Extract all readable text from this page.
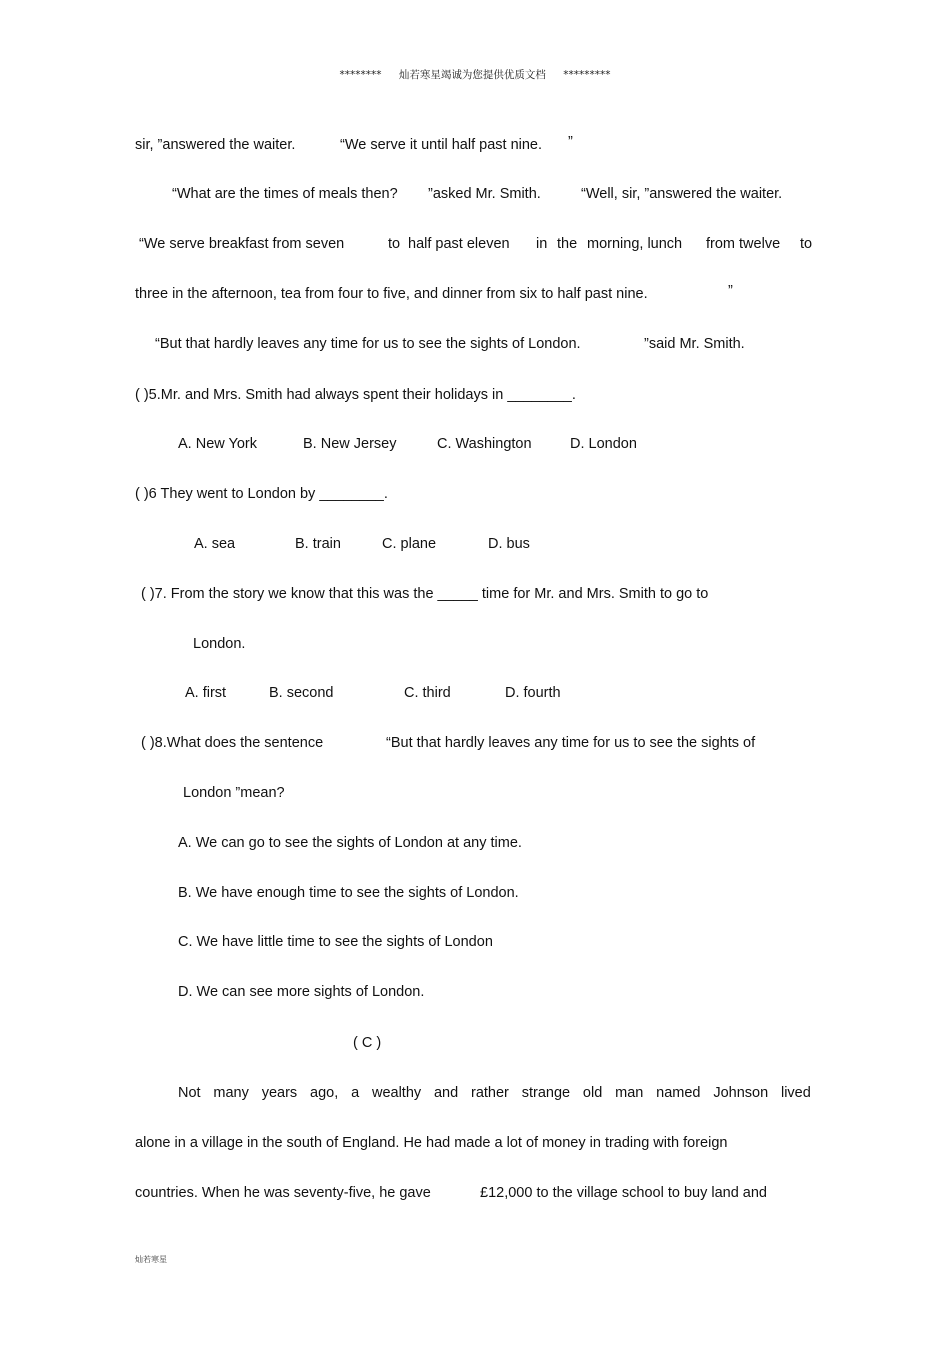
******** 灿若寒星竭诚为您提供优质文档 *********

sir, ”answered the waiter.	“We serve it until half past nine. ”

“What are the times of meals then? ”asked Mr. Smith.	“Well, sir, ”answered the waiter.

“We serve breakfast from seven	to half past eleven in the morning, lunch from twelve to

three in the afternoon, tea from four to five, and dinner from six to half past nine.	”

“But that hardly leaves any time for us to see the sights of London.	”said Mr. Smith.

( )5.Mr. and Mrs. Smith had always spent their holidays in ________.

A. New York	B. New Jersey	C. Washington	D. London

( )6 They went to London by ________.

A. sea	B. train	C. plane	D. bus

( )7. From the story we know that this was the _____ time for Mr. and Mrs. Smith to go to

London.

A. first	B. second	C. third	D. fourth

( )8.What does the sentence	“But that hardly leaves any time for us to see the sights of

London ”mean?

A. We can go to see the sights of London at any time.

B. We have enough time to see the sights of London.

C. We have little time to see the sights of London

D. We can see more sights of London.

( C )

Not many years ago, a wealthy and rather strange old man named Johnson lived

alone in a village in the south of England. He had made a lot of money in trading with foreign

countries. When he was seventy-five, he gave	£12,000 to the village school to buy land and

灿若寒星
